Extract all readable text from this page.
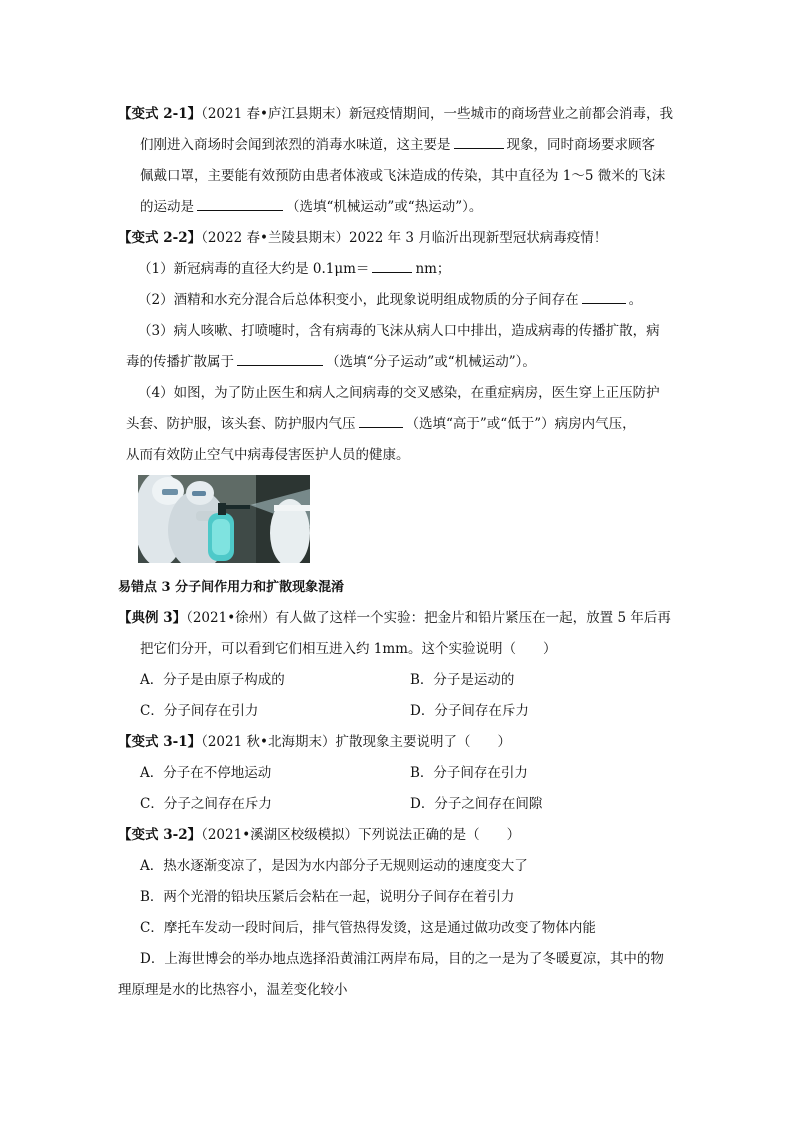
【变式 2-1】（2021 春•庐江县期末）新冠疫情期间，一些城市的商场营业之前都会消毒，我
们刚进入商场时会闻到浓烈的消毒水味道，这主要是	现象，同时商场要求顾客
佩戴口罩，主要能有效预防由患者体液或飞沫造成的传染，其中直径为 1～5 微米的飞沫
的运动是	（选填“机械运动”或“热运动”）。
【变式 2-2】（2022 春•兰陵县期末）2022 年 3 月临沂出现新型冠状病毒疫情！
（1）新冠病毒的直径大约是 0.1μm＝	nm；
（2）酒精和水充分混合后总体积变小，此现象说明组成物质的分子间存在	。
（3）病人咳嗽、打喷嚏时，含有病毒的飞沫从病人口中排出，造成病毒的传播扩散，病
毒的传播扩散属于	（选填“分子运动”或“机械运动”）。
（4）如图，为了防止医生和病人之间病毒的交叉感染，在重症病房，医生穿上正压防护
头套、防护服，该头套、防护服内气压	（选填“高于”或“低于”）病房内气压，
从而有效防止空气中病毒侵害医护人员的健康。
易错点 3 分子间作用力和扩散现象混淆
【典例 3】（2021•徐州）有人做了这样一个实验：把金片和铅片紧压在一起，放置 5 年后再
把它们分开，可以看到它们相互进入约 1mm。这个实验说明（　　）
A．分子是由原子构成的	B．分子是运动的
C．分子间存在引力	D．分子间存在斥力
【变式 3-1】（2021 秋•北海期末）扩散现象主要说明了（　　）
A．分子在不停地运动	B．分子间存在引力
C．分子之间存在斥力	D．分子之间存在间隙
【变式 3-2】（2021•溪湖区校级模拟）下列说法正确的是（　　）
A．热水逐渐变凉了，是因为水内部分子无规则运动的速度变大了
B．两个光滑的铅块压紧后会粘在一起，说明分子间存在着引力
C．摩托车发动一段时间后，排气管热得发烫，这是通过做功改变了物体内能
D．上海世博会的举办地点选择沿黄浦江两岸布局，目的之一是为了冬暖夏凉，其中的物
理原理是水的比热容小，温差变化较小
